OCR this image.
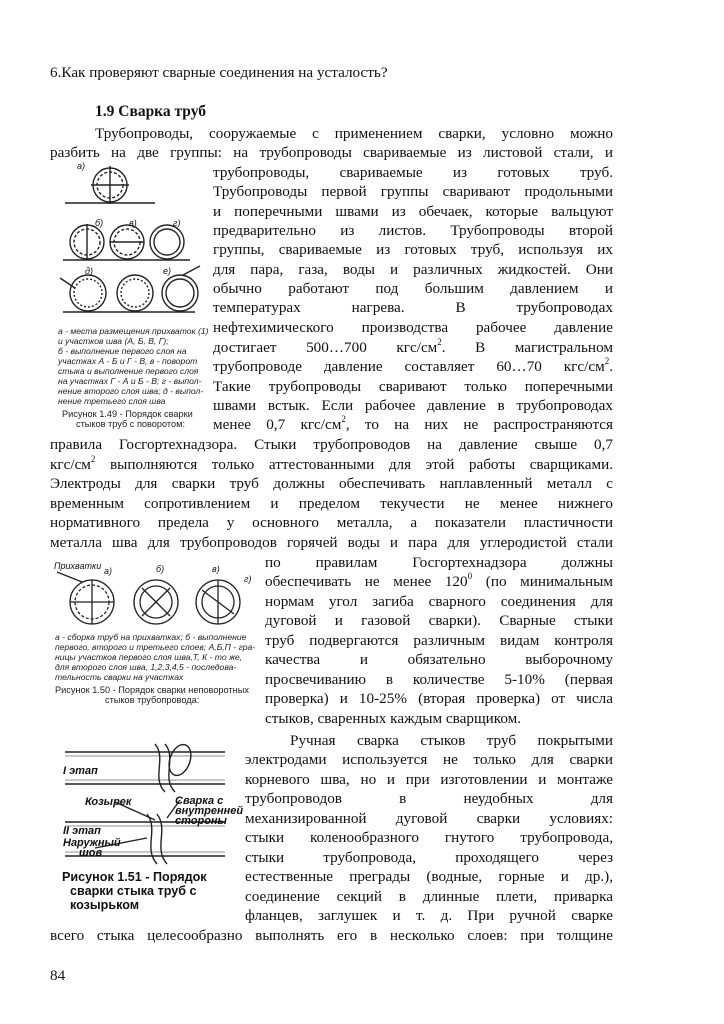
6.Как проверяют сварные соединения на усталость?
1.9 Сварка труб
Трубопроводы, сооружаемые с применением сварки, условно можно
разбить на две группы: на трубопроводы свариваемые из листовой стали, и
трубопроводы, свариваемые из готовых труб.
Трубопроводы первой группы сваривают продольными
и поперечными швами из обечаек, которые вальцуют
предварительно из листов. Трубопроводы второй
группы, свариваемые из готовых труб, используя их
для пара, газа, воды и различных жидкостей. Они
обычно работают под большим давлением и
температурах нагрева. В трубопроводах
нефтехимического производства рабочее давление
достигает 500…700 кгс/$см^2$. В магистральном
трубопроводе давление составляет 60…70 кгс/$см^2$.
Такие трубопроводы сваривают только поперечными
швами встык. Если рабочее давление в трубопроводах
менее 0,7 кгс/$см^2$, то на них не распространяются
правила Госгортехнадзора. Стыки трубопроводов на давление свыше 0,7
кгс/$см^2$ выполняются только аттестованными для этой работы сварщиками.
Электроды для сварки труб должны обеспечивать наплавленный металл с
временным сопротивлением и пределом текучести не менее нижнего
нормативного предела у основного металла, а показатели пластичности
металла шва для трубопроводов горячей воды и пара для углеродистой стали
по правилам Госгортехнадзора должны
обеспечивать не менее $120^0$ (по минимальным
нормам угол загиба сварного соединения для
дуговой и газовой сварки). Сварные стыки
труб подвергаются различным видам контроля
качества и обязательно выборочному
просвечиванию в количестве 5-10% (первая
проверка) и 10-25% (вторая проверка) от числа
стыков, сваренных каждым сварщиком.
Ручная сварка стыков труб покрытыми
электродами используется не только для сварки
корневого шва, но и при изготовлении и монтаже
трубопроводов в неудобных для
механизированной дуговой сварки условиях:
стыки коленообразного гнутого трубопровода,
стыки трубопровода, проходящего через
естественные преграды (водные, горные и др.),
соединение секций в длинные плети, приварка
фланцев, заглушек и т. д. При ручной сварке
всего стыка целесообразно выполнять его в несколько слоев: при толщине
84
а)
б)	в)	г)
д)	е)
а - места размещения прихваток (1)
и участков шва (А, Б, В, Г);
б - выполнение первого слоя на
участках А - Б и Г - В, в - поворот
стыка и выполнение первого слоя
на участках Г - А и Б - В; г - выпол-
нение второго слоя шва; д - выпол-
нение третьего слоя шва
Рисунок 1.49 - Порядок сварки
стыков труб с поворотом:
Прихватки а)	б)	в)
г)
а - сборка труб на прихватках; б - выполнение
первого, второго и третьего слоев; А,Б,П - гра-
ницы участков первого слоя шва,Т, К - то же,
для второго слоя шва, 1,2,3,4,5 - последова-
тельность сварки на участках
Рисунок 1.50 - Порядок сварки неповоротных
стыков трубопровода:
I этап
II этап
Козырек	Сварка с
внутренней
стороны
Наружный
шов
Рисунок 1.51 - Порядок
сварки стыка труб с
козырьком
